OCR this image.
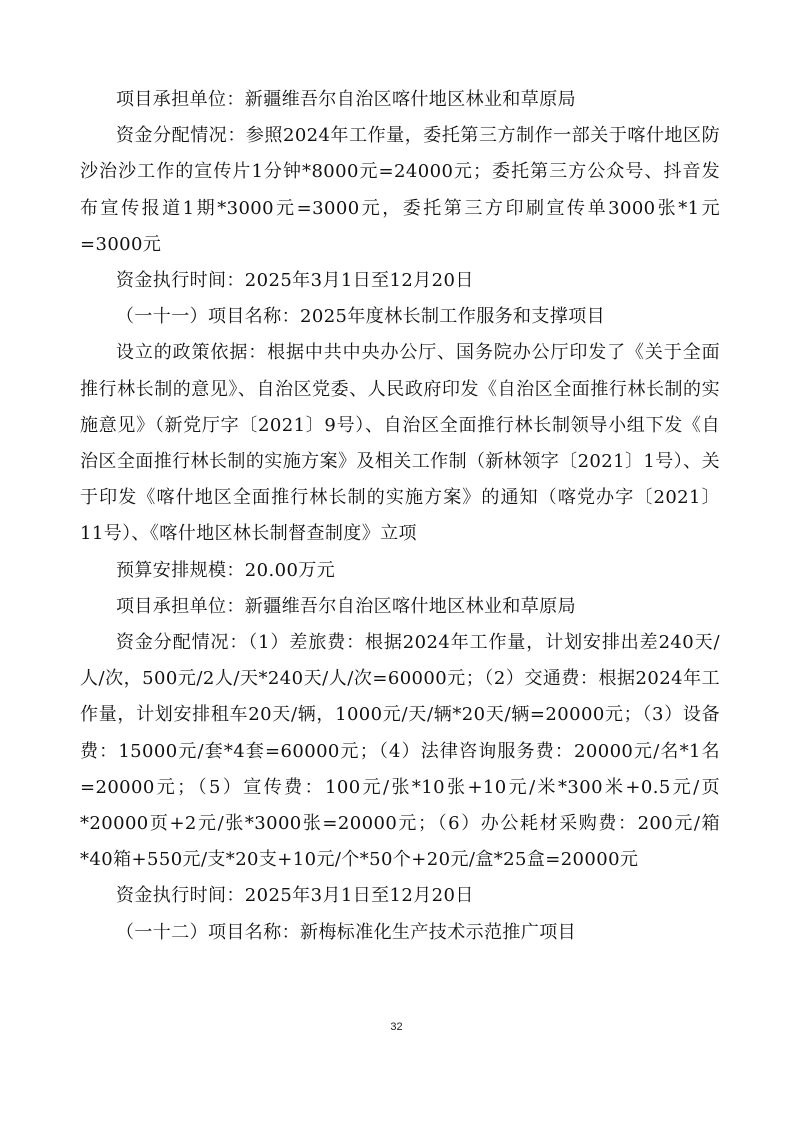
项目承担单位：新疆维吾尔自治区喀什地区林业和草原局

资金分配情况：参照2024年工作量，委托第三方制作一部关于喀什地区防沙治沙工作的宣传片1分钟*8000元=24000元；委托第三方公众号、抖音发布宣传报道1期*3000元=3000元，委托第三方印刷宣传单3000张*1元=3000元

资金执行时间：2025年3月1日至12月20日

（一十一）项目名称：2025年度林长制工作服务和支撑项目

设立的政策依据：根据中共中央办公厅、国务院办公厅印发了《关于全面推行林长制的意见》、自治区党委、人民政府印发《自治区全面推行林长制的实施意见》（新党厅字〔2021〕9号）、自治区全面推行林长制领导小组下发《自治区全面推行林长制的实施方案》及相关工作制（新林领字〔2021〕1号）、关于印发《喀什地区全面推行林长制的实施方案》的通知（喀党办字〔2021〕11号）、《喀什地区林长制督查制度》立项

预算安排规模：20.00万元

项目承担单位：新疆维吾尔自治区喀什地区林业和草原局

资金分配情况：（1）差旅费：根据2024年工作量，计划安排出差240天/人/次，500元/2人/天*240天/人/次=60000元；（2）交通费：根据2024年工作量，计划安排租车20天/辆，1000元/天/辆*20天/辆=20000元；（3）设备费：15000元/套*4套=60000元；（4）法律咨询服务费：20000元/名*1名=20000元；（5）宣传费：100元/张*10张+10元/米*300米+0.5元/页*20000页+2元/张*3000张=20000元；（6）办公耗材采购费：200元/箱*40箱+550元/支*20支+10元/个*50个+20元/盒*25盒=20000元

资金执行时间：2025年3月1日至12月20日

（一十二）项目名称：新梅标准化生产技术示范推广项目

32
